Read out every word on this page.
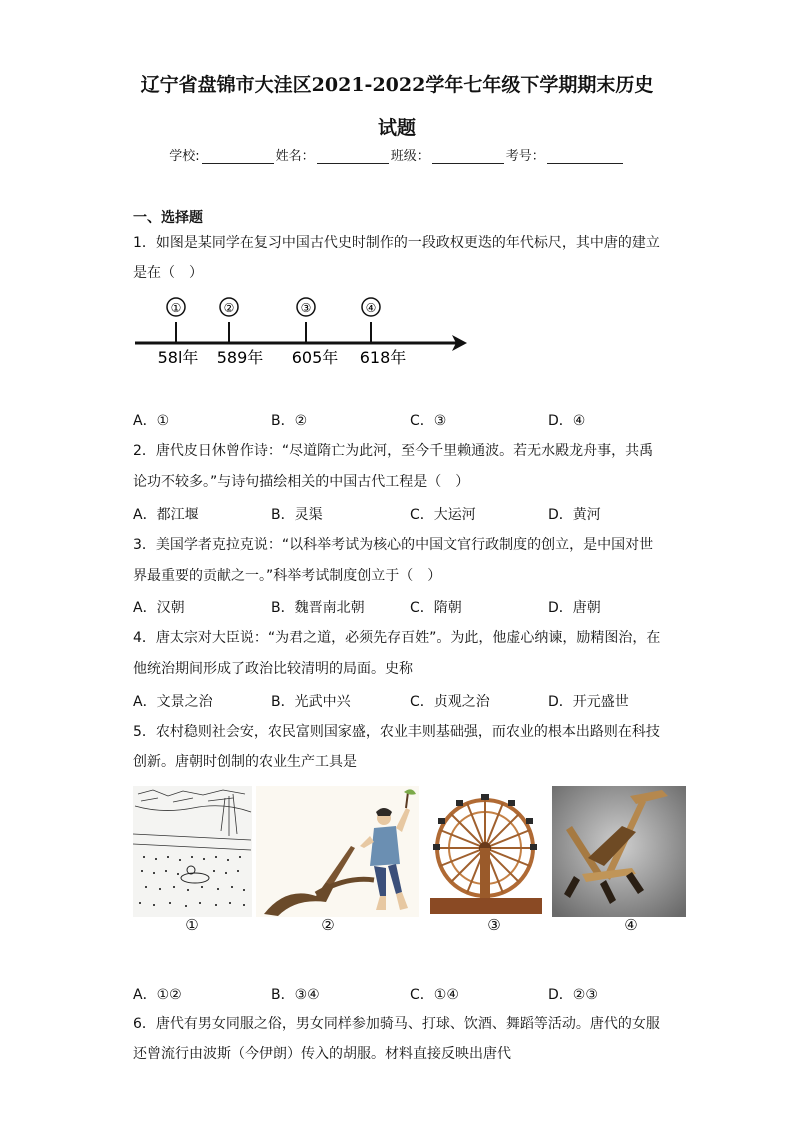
辽宁省盘锦市大洼区2021-2022学年七年级下学期期末历史
试题
学校:	姓名：	班级：	考号：
一、选择题
1．如图是某同学在复习中国古代史时制作的一段政权更迭的年代标尺，其中唐的建立
是在（　）
①
58l年
②
589年
③
605年
④
618年
A．①	B．②	C．③	D．④
2．唐代皮日休曾作诗：“尽道隋亡为此河，至今千里赖通波。若无水殿龙舟事，共禹
论功不较多。”与诗句描绘相关的中国古代工程是（　）
A．都江堰	B．灵渠	C．大运河	D．黄河
3．美国学者克拉克说：“以科举考试为核心的中国文官行政制度的创立，是中国对世
界最重要的贡献之一。”科举考试制度创立于（　）
A．汉朝	B．魏晋南北朝	C．隋朝	D．唐朝
4．唐太宗对大臣说：“为君之道，必须先存百姓”。为此，他虚心纳谏，励精图治，在
他统治期间形成了政治比较清明的局面。史称
A．文景之治	B．光武中兴	C．贞观之治	D．开元盛世
5．农村稳则社会安，农民富则国家盛，农业丰则基础强，而农业的根本出路则在科技
创新。唐朝时创制的农业生产工具是
①	②	③	④
A．①②	B．③④	C．①④	D．②③
6．唐代有男女同服之俗，男女同样参加骑马、打球、饮酒、舞蹈等活动。唐代的女服
还曾流行由波斯（今伊朗）传入的胡服。材料直接反映出唐代
